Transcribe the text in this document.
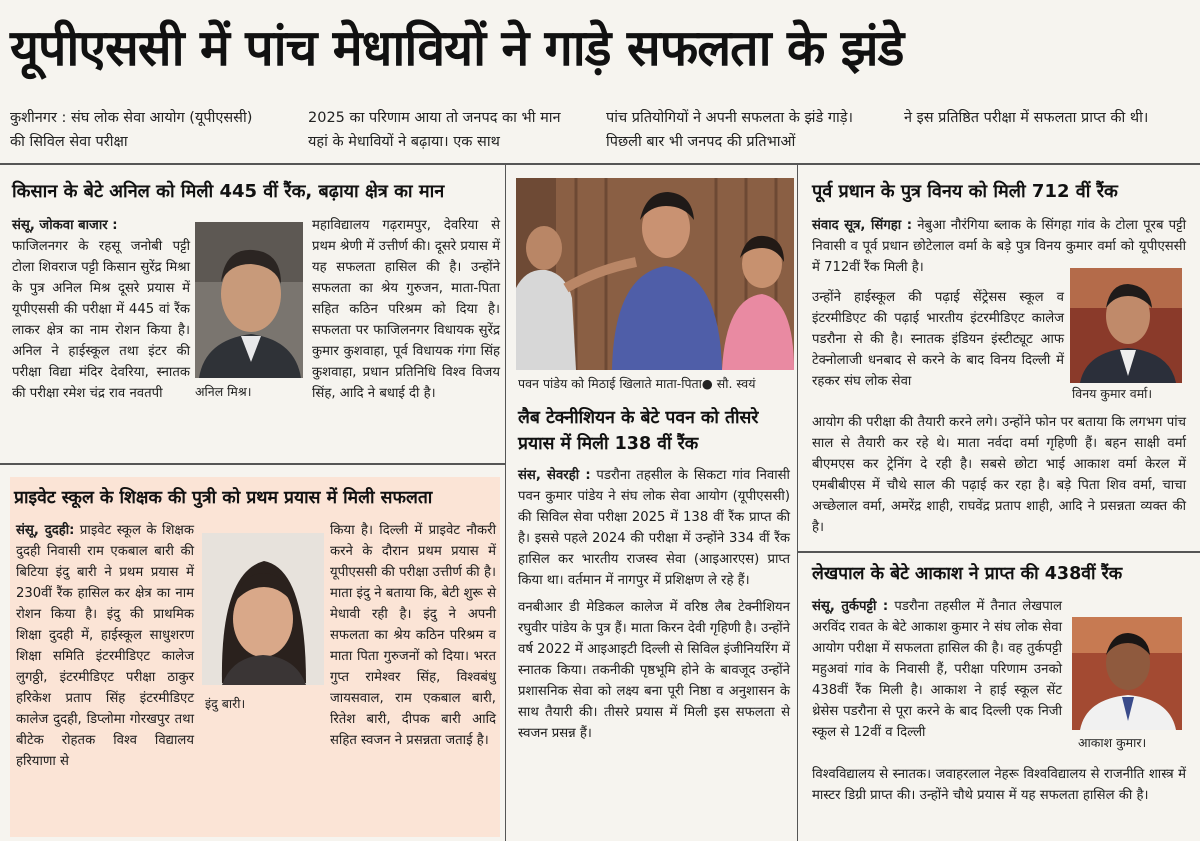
यूपीएससी में पांच मेधावियों ने गाड़े सफलता के झंडे
कुशीनगर : संघ लोक सेवा आयोग (यूपीएससी) की सिविल सेवा परीक्षा
2025 का परिणाम आया तो जनपद का भी मान यहां के मेधावियों ने बढ़ाया। एक साथ
पांच प्रतियोगियों ने अपनी सफलता के झंडे गाड़े। पिछली बार भी जनपद की प्रतिभाओं
ने इस प्रतिष्ठित परीक्षा में सफलता प्राप्त की थी।
किसान के बेटे अनिल को मिली 445 वीं रैंक, बढ़ाया क्षेत्र का मान

संसू, जोकवा बाजार :

फाजिलनगर के रहसू जनोबी पट्टी टोला शिवराज पट्टी किसान सुरेंद्र मिश्रा के पुत्र अनिल मिश्र दूसरे प्रयास में यूपीएससी की परीक्षा में 445 वां रैंक लाकर क्षेत्र का नाम रोशन किया है। अनिल ने हाईस्कूल तथा इंटर की परीक्षा विद्या मंदिर देवरिया, स्नातक की परीक्षा रमेश चंद्र राव नवतपी	अनिल मिश्र।
महाविद्यालय गढ़रामपुर, देवरिया से प्रथम श्रेणी में उत्तीर्ण की। दूसरे प्रयास में यह सफलता हासिल की है। उन्होंने सफलता का श्रेय गुरुजन, माता-पिता सहित कठिन परिश्रम को दिया है। सफलता पर फाजिलनगर विधायक सुरेंद्र कुमार कुशवाहा, पूर्व विधायक गंगा सिंह कुशवाहा, प्रधान प्रतिनिधि विश्व विजय सिंह, आदि ने बधाई दी है।
प्राइवेट स्कूल के शिक्षक की पुत्री को प्रथम प्रयास में मिली सफलता

संसू, दुदही: प्राइवेट स्कूल के शिक्षक दुदही निवासी राम एकबाल बारी की बिटिया इंदु बारी ने प्रथम प्रयास में 230वीं रैंक हासिल कर क्षेत्र का नाम रोशन किया है। इंदु की प्राथमिक शिक्षा दुदही में, हाईस्कूल साधुशरण शिक्षा समिति इंटरमीडिएट कालेज लुगठ्ठी, इंटरमीडिएट परीक्षा ठाकुर हरिकेश प्रताप सिंह इंटरमीडिएट कालेज दुदही, डिप्लोमा गोरखपुर तथा बीटेक रोहतक विश्व विद्यालय हरियाणा से

इंदु बारी।

किया है। दिल्ली में प्राइवेट नौकरी करने के दौरान प्रथम प्रयास में यूपीएससी की परीक्षा उत्तीर्ण की है। माता इंदु ने बताया कि, बेटी शुरू से मेधावी रही है। इंदु ने अपनी सफलता का श्रेय कठिन परिश्रम व माता पिता गुरुजनों को दिया। भरत गुप्त रामेश्वर सिंह, विश्वबंधु जायसवाल, राम एकबाल बारी, रितेश बारी, दीपक बारी आदि सहित स्वजन ने प्रसन्नता जताई है।

पवन पांडेय को मिठाई खिलाते माता-पिता● सौ. स्वयं
लैब टेक्नीशियन के बेटे पवन को तीसरे प्रयास में मिली 138 वीं रैंक

संस, सेवरही : पडरौना तहसील के सिकटा गांव निवासी पवन कुमार पांडेय ने संघ लोक सेवा आयोग (यूपीएससी) की सिविल सेवा परीक्षा 2025 में 138 वीं रैंक प्राप्त की है। इससे पहले 2024 की परीक्षा में उन्होंने 334 वीं रैंक हासिल कर भारतीय राजस्व सेवा (आइआरएस) प्राप्त किया था। वर्तमान में नागपुर में प्रशिक्षण ले रहे हैं।

वनबीआर डी मेडिकल कालेज में वरिष्ठ लैब टेक्नीशियन रघुवीर पांडेय के पुत्र हैं। माता किरन देवी गृहिणी है। उन्होंने वर्ष 2022 में आइआइटी दिल्ली से सिविल इंजीनियरिंग में स्नातक किया। तकनीकी पृष्ठभूमि होने के बावजूद उन्होंने प्रशासनिक सेवा को लक्ष्य बना पूरी निष्ठा व अनुशासन के साथ तैयारी की। तीसरे प्रयास में मिली इस सफलता से स्वजन प्रसन्न हैं।

पूर्व प्रधान के पुत्र विनय को मिली 712 वीं रैंक

संवाद सूत्र, सिंगहा : नेबुआ नौरंगिया ब्लाक के सिंगहा गांव के टोला पूरब पट्टी निवासी व पूर्व प्रधान छोटेलाल वर्मा के बड़े पुत्र विनय कुमार वर्मा को यूपीएससी में 712वीं रैंक मिली है।

उन्होंने हाईस्कूल की पढ़ाई सेंट्रेसस स्कूल व इंटरमीडिएट की पढ़ाई भारतीय इंटरमीडिएट कालेज पडरौना से की है। स्नातक इंडियन इंस्टीट्यूट आफ टेक्नोलाजी धनबाद से करने के बाद विनय दिल्ली में रहकर संघ लोक सेवा
विनय कुमार वर्मा।
आयोग की परीक्षा की तैयारी करने लगे। उन्होंने फोन पर बताया कि लगभग पांच साल से तैयारी कर रहे थे। माता नर्वदा वर्मा गृहिणी हैं। बहन साक्षी वर्मा बीएमएस कर ट्रेनिंग दे रही है। सबसे छोटा भाई आकाश वर्मा केरल में एमबीबीएस में चौथे साल की पढ़ाई कर रहा है। बड़े पिता शिव वर्मा, चाचा अच्छेलाल वर्मा, अमरेंद्र शाही, राघवेंद्र प्रताप शाही, आदि ने प्रसन्नता व्यक्त की है।
लेखपाल के बेटे आकाश ने प्राप्त की 438वीं रैंक

संसू, तुर्कपट्टी : पडरौना तहसील में तैनात लेखपाल अरविंद रावत के बेटे आकाश कुमार ने संघ लोक सेवा आयोग परीक्षा में सफलता हासिल की है। वह तुर्कपट्टी महुअवां गांव के निवासी हैं, परीक्षा परिणाम उनको 438वीं रैंक मिली है। आकाश ने हाई स्कूल सेंट थ्रेसेस पडरौना से पूरा करने के बाद दिल्ली एक निजी स्कूल से 12वीं व दिल्ली

आकाश कुमार।
विश्वविद्यालय से स्नातक। जवाहरलाल नेहरू विश्वविद्यालय से राजनीति शास्त्र में मास्टर डिग्री प्राप्त की। उन्होंने चौथे प्रयास में यह सफलता हासिल की है।
